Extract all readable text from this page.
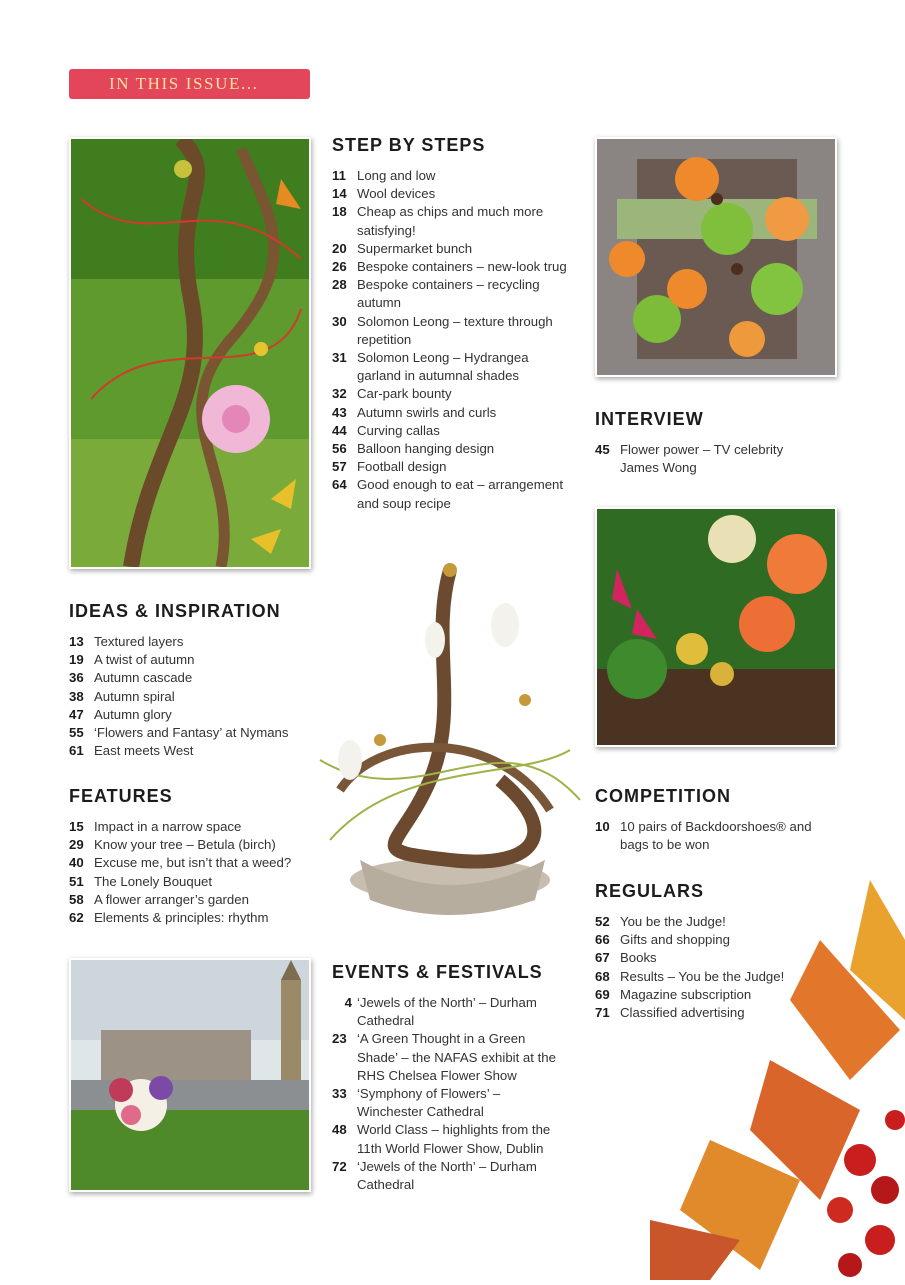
IN THIS ISSUE...
STEP BY STEPS
11 Long and low
14 Wool devices
18 Cheap as chips and much more satisfying!
20 Supermarket bunch
26 Bespoke containers – new-look trug
28 Bespoke containers – recycling autumn
30 Solomon Leong – texture through repetition
31 Solomon Leong – Hydrangea garland in autumnal shades
32 Car-park bounty
43 Autumn swirls and curls
44 Curving callas
56 Balloon hanging design
57 Football design
64 Good enough to eat – arrangement and soup recipe
INTERVIEW
45 Flower power – TV celebrity James Wong
IDEAS & INSPIRATION
13 Textured layers
19 A twist of autumn
36 Autumn cascade
38 Autumn spiral
47 Autumn glory
55 ‘Flowers and Fantasy’ at Nymans
61 East meets West
FEATURES
15 Impact in a narrow space
29 Know your tree – Betula (birch)
40 Excuse me, but isn’t that a weed?
51 The Lonely Bouquet
58 A flower arranger’s garden
62 Elements & principles: rhythm
COMPETITION
10 10 pairs of Backdoorshoes® and bags to be won
REGULARS
52 You be the Judge!
66 Gifts and shopping
67 Books
68 Results – You be the Judge!
69 Magazine subscription
71 Classified advertising
EVENTS & FESTIVALS
4 ‘Jewels of the North’ – Durham Cathedral
23 ‘A Green Thought in a Green Shade’ – the NAFAS exhibit at the RHS Chelsea Flower Show
33 ‘Symphony of Flowers’ – Winchester Cathedral
48 World Class – highlights from the 11th World Flower Show, Dublin
72 ‘Jewels of the North’ – Durham Cathedral
